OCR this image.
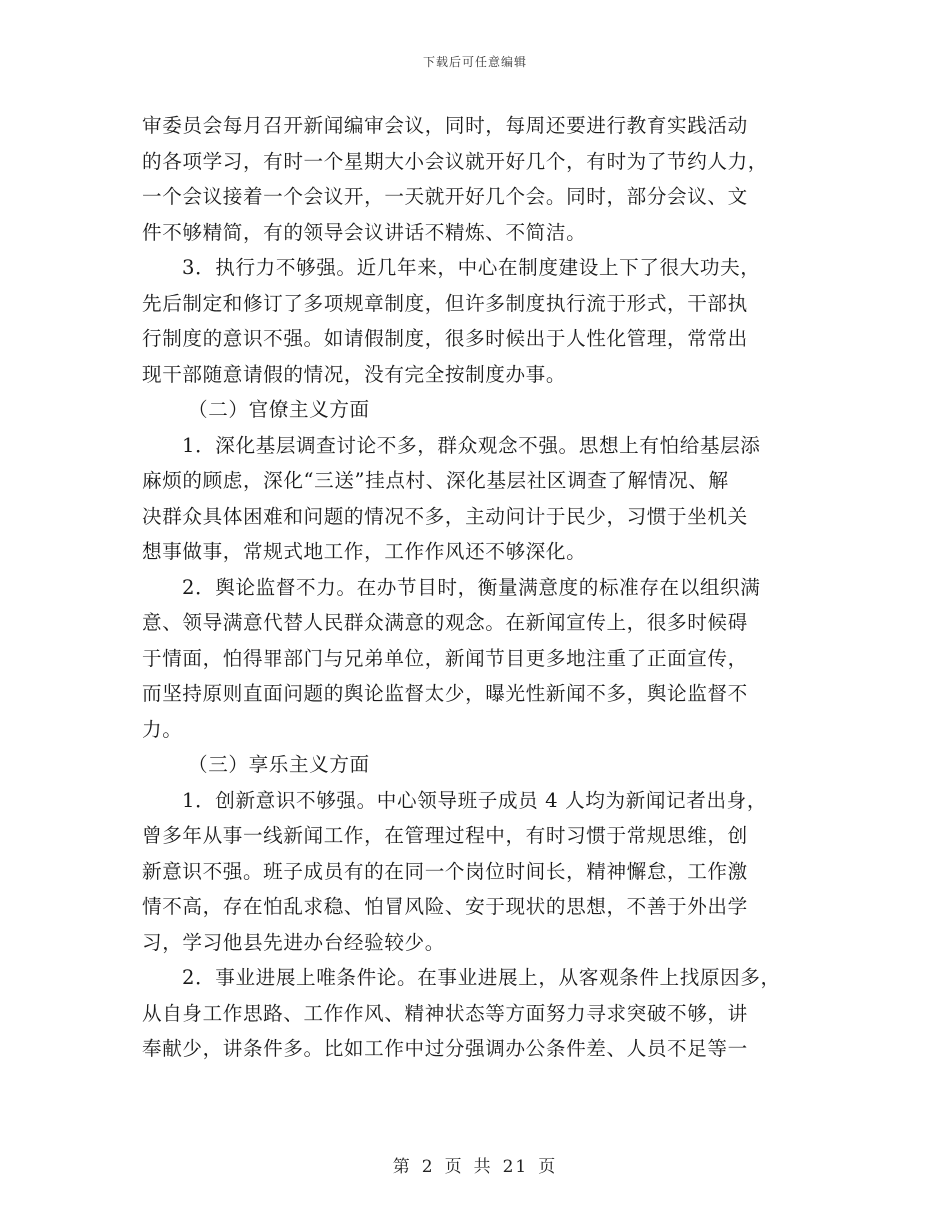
下载后可任意编辑
审委员会每月召开新闻编审会议，同时，每周还要进行教育实践活动
的各项学习，有时一个星期大小会议就开好几个，有时为了节约人力，
一个会议接着一个会议开，一天就开好几个会。同时，部分会议、文
件不够精简，有的领导会议讲话不精炼、不简洁。
3．执行力不够强。近几年来，中心在制度建设上下了很大功夫，
先后制定和修订了多项规章制度，但许多制度执行流于形式，干部执
行制度的意识不强。如请假制度，很多时候出于人性化管理，常常出
现干部随意请假的情况，没有完全按制度办事。
（二）官僚主义方面
1．深化基层调查讨论不多，群众观念不强。思想上有怕给基层添
麻烦的顾虑，深化“三送”挂点村、深化基层社区调查了解情况、解
决群众具体困难和问题的情况不多，主动问计于民少，习惯于坐机关
想事做事，常规式地工作，工作作风还不够深化。
2．舆论监督不力。在办节目时，衡量满意度的标准存在以组织满
意、领导满意代替人民群众满意的观念。在新闻宣传上，很多时候碍
于情面，怕得罪部门与兄弟单位，新闻节目更多地注重了正面宣传，
而坚持原则直面问题的舆论监督太少，曝光性新闻不多，舆论监督不
力。
（三）享乐主义方面
1．创新意识不够强。中心领导班子成员 4 人均为新闻记者出身，
曾多年从事一线新闻工作，在管理过程中，有时习惯于常规思维，创
新意识不强。班子成员有的在同一个岗位时间长，精神懈怠，工作激
情不高，存在怕乱求稳、怕冒风险、安于现状的思想，不善于外出学
习，学习他县先进办台经验较少。
2．事业进展上唯条件论。在事业进展上，从客观条件上找原因多，
从自身工作思路、工作作风、精神状态等方面努力寻求突破不够，讲
奉献少，讲条件多。比如工作中过分强调办公条件差、人员不足等一
第 2 页 共 21 页
